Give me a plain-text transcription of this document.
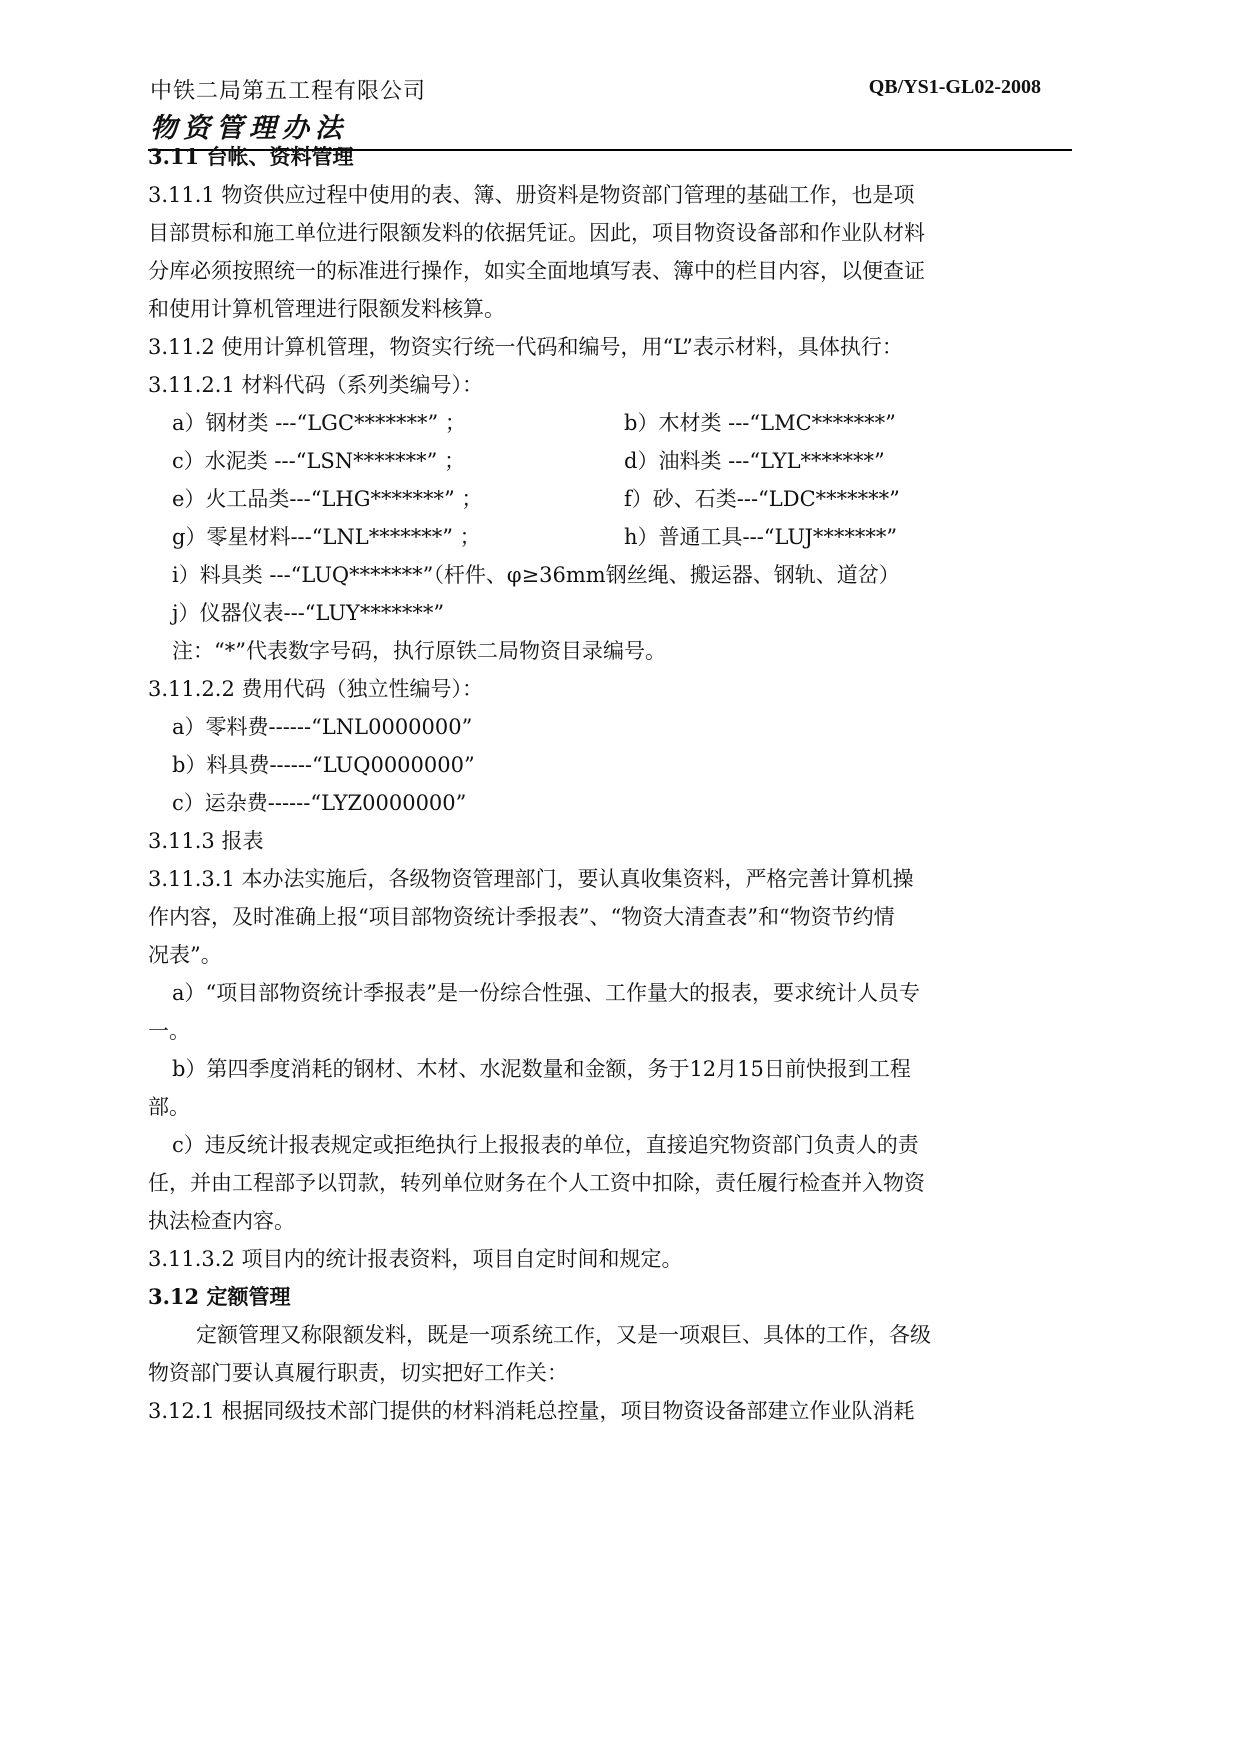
中铁二局第五工程有限公司	QB/YS1-GL02-2008
物资管理办法
3.11 台帐、资料管理
3.11.1 物资供应过程中使用的表、簿、册资料是物资部门管理的基础工作，也是项
目部贯标和施工单位进行限额发料的依据凭证。因此，项目物资设备部和作业队材料
分库必须按照统一的标准进行操作，如实全面地填写表、簿中的栏目内容，以便查证
和使用计算机管理进行限额发料核算。
3.11.2 使用计算机管理，物资实行统一代码和编号，用“L”表示材料，具体执行：
3.11.2.1 材料代码（系列类编号）：
a）钢材类 ---“LGC*******” ；	b）木材类 ---“LMC*******”
c）水泥类 ---“LSN*******” ；	d）油料类 ---“LYL*******”
e）火工品类---“LHG*******” ；	f）砂、石类---“LDC*******”
g）零星材料---“LNL*******” ；	h）普通工具---“LUJ*******”
i）料具类 ---“LUQ*******”（杆件、φ≥36mm钢丝绳、搬运器、钢轨、道岔）
j）仪器仪表---“LUY*******”
注：“*”代表数字号码，执行原铁二局物资目录编号。
3.11.2.2 费用代码（独立性编号）：
a）零料费------“LNL0000000”
b）料具费------“LUQ0000000”
c）运杂费------“LYZ0000000”
3.11.3 报表
3.11.3.1 本办法实施后，各级物资管理部门，要认真收集资料，严格完善计算机操
作内容，及时准确上报“项目部物资统计季报表”、“物资大清查表”和“物资节约情
况表”。
a）“项目部物资统计季报表”是一份综合性强、工作量大的报表，要求统计人员专
一。
b）第四季度消耗的钢材、木材、水泥数量和金额，务于12月15日前快报到工程
部。
c）违反统计报表规定或拒绝执行上报报表的单位，直接追究物资部门负责人的责
任，并由工程部予以罚款，转列单位财务在个人工资中扣除，责任履行检查并入物资
执法检查内容。
3.11.3.2 项目内的统计报表资料，项目自定时间和规定。
3.12 定额管理
定额管理又称限额发料，既是一项系统工作，又是一项艰巨、具体的工作，各级
物资部门要认真履行职责，切实把好工作关：
3.12.1 根据同级技术部门提供的材料消耗总控量，项目物资设备部建立作业队消耗
